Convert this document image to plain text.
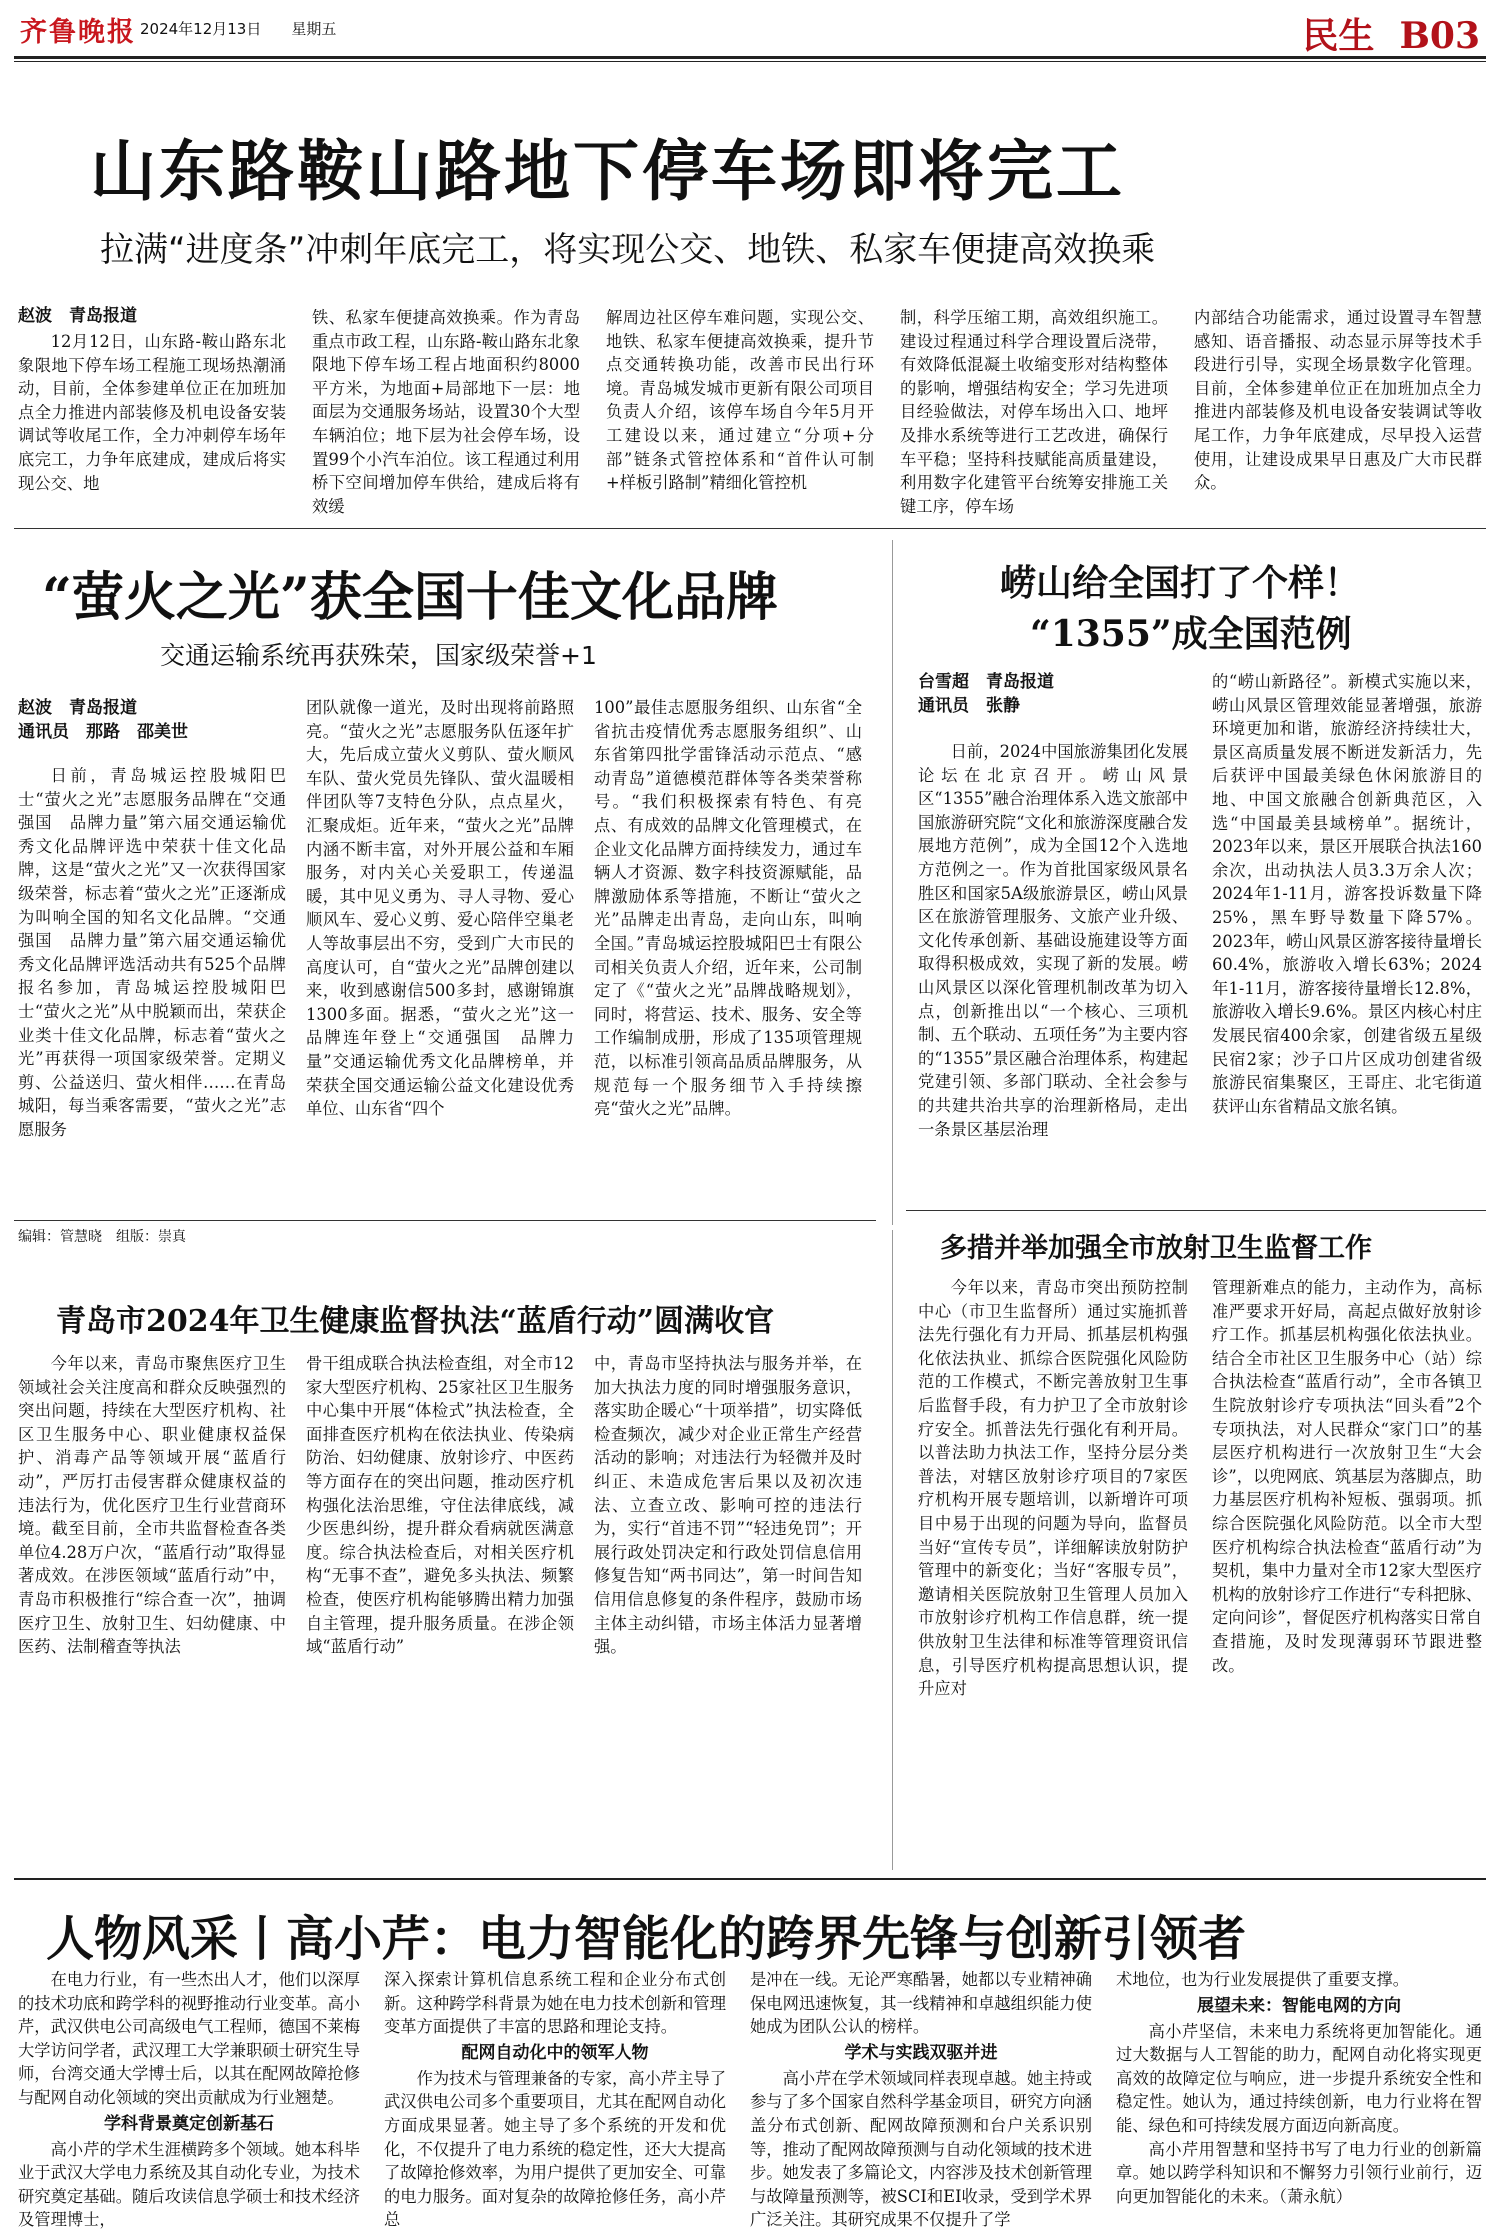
齐鲁晚报 2024年12月13日　　 星期五	民生 B03
山东路鞍山路地下停车场即将完工
拉满“进度条”冲刺年底完工，将实现公交、地铁、私家车便捷高效换乘
赵波　青岛报道

12月12日，山东路-鞍山路东北象限地下停车场工程施工现场热潮涌动，目前，全体参建单位正在加班加点全力推进内部装修及机电设备安装调试等收尾工作，全力冲刺停车场年底完工，力争年底建成，建成后将实现公交、地

铁、私家车便捷高效换乘。作为青岛重点市政工程，山东路-鞍山路东北象限地下停车场工程占地面积约8000平方米，为地面+局部地下一层：地面层为交通服务场站，设置30个大型车辆泊位；地下层为社会停车场，设置99个小汽车泊位。该工程通过利用桥下空间增加停车供给，建成后将有效缓

解周边社区停车难问题，实现公交、地铁、私家车便捷高效换乘，提升节点交通转换功能，改善市民出行环境。青岛城发城市更新有限公司项目负责人介绍，该停车场自今年5月开工建设以来，通过建立“分项+分部”链条式管控体系和“首件认可制+样板引路制”精细化管控机

制，科学压缩工期，高效组织施工。建设过程通过科学合理设置后浇带，有效降低混凝土收缩变形对结构整体的影响，增强结构安全；学习先进项目经验做法，对停车场出入口、地坪及排水系统等进行工艺改进，确保行车平稳；坚持科技赋能高质量建设，利用数字化建管平台统筹安排施工关键工序，停车场

内部结合功能需求，通过设置寻车智慧感知、语音播报、动态显示屏等技术手段进行引导，实现全场景数字化管理。目前，全体参建单位正在加班加点全力推进内部装修及机电设备安装调试等收尾工作，力争年底建成，尽早投入运营使用，让建设成果早日惠及广大市民群众。

“萤火之光”获全国十佳文化品牌
交通运输系统再获殊荣，国家级荣誉+1
赵波　青岛报道
通讯员　那路　邵美世

日前，青岛城运控股城阳巴士“萤火之光”志愿服务品牌在“交通强国　品牌力量”第六届交通运输优秀文化品牌评选中荣获十佳文化品牌，这是“萤火之光”又一次获得国家级荣誉，标志着“萤火之光”正逐渐成为叫响全国的知名文化品牌。“交通强国　品牌力量”第六届交通运输优秀文化品牌评选活动共有525个品牌报名参加，青岛城运控股城阳巴士“萤火之光”从中脱颖而出，荣获企业类十佳文化品牌，标志着“萤火之光”再获得一项国家级荣誉。定期义剪、公益送归、萤火相伴……在青岛城阳，每当乘客需要，“萤火之光”志愿服务

团队就像一道光，及时出现将前路照亮。“萤火之光”志愿服务队伍逐年扩大，先后成立萤火义剪队、萤火顺风车队、萤火党员先锋队、萤火温暖相伴团队等7支特色分队，点点星火，汇聚成炬。近年来，“萤火之光”品牌内涵不断丰富，对外开展公益和车厢服务，对内关心关爱职工，传递温暖，其中见义勇为、寻人寻物、爱心顺风车、爱心义剪、爱心陪伴空巢老人等故事层出不穷，受到广大市民的高度认可，自“萤火之光”品牌创建以来，收到感谢信500多封，感谢锦旗1300多面。据悉，“萤火之光”这一品牌连年登上“交通强国　品牌力量”交通运输优秀文化品牌榜单，并荣获全国交通运输公益文化建设优秀单位、山东省“四个

100”最佳志愿服务组织、山东省“全省抗击疫情优秀志愿服务组织”、山东省第四批学雷锋活动示范点、“感动青岛”道德模范群体等各类荣誉称号。“我们积极探索有特色、有亮点、有成效的品牌文化管理模式，在企业文化品牌方面持续发力，通过车辆人才资源、数字科技资源赋能，品牌激励体系等措施，不断让“萤火之光”品牌走出青岛，走向山东，叫响全国。”青岛城运控股城阳巴士有限公司相关负责人介绍，近年来，公司制定了《“萤火之光”品牌战略规划》，同时，将营运、技术、服务、安全等工作编制成册，形成了135项管理规范，以标准引领高品质品牌服务，从规范每一个服务细节入手持续擦亮“萤火之光”品牌。

编辑：管慧晓　组版：崇真
崂山给全国打了个样！
“1355”成全国范例
台雪超　青岛报道
通讯员　张静

日前，2024中国旅游集团化发展论坛在北京召开。崂山风景区“1355”融合治理体系入选文旅部中国旅游研究院“文化和旅游深度融合发展地方范例”，成为全国12个入选地方范例之一。作为首批国家级风景名胜区和国家5A级旅游景区，崂山风景区在旅游管理服务、文旅产业升级、文化传承创新、基础设施建设等方面取得积极成效，实现了新的发展。崂山风景区以深化管理机制改革为切入点，创新推出以“一个核心、三项机制、五个联动、五项任务”为主要内容的“1355”景区融合治理体系，构建起党建引领、多部门联动、全社会参与的共建共治共享的治理新格局，走出一条景区基层治理

的“崂山新路径”。新模式实施以来，崂山风景区管理效能显著增强，旅游环境更加和谐，旅游经济持续壮大，景区高质量发展不断迸发新活力，先后获评中国最美绿色休闲旅游目的地、中国文旅融合创新典范区，入选“中国最美县域榜单”。据统计，2023年以来，景区开展联合执法160余次，出动执法人员3.3万余人次；2024年1-11月，游客投诉数量下降25%，黑车野导数量下降57%。2023年，崂山风景区游客接待量增长60.4%，旅游收入增长63%；2024年1-11月，游客接待量增长12.8%，旅游收入增长9.6%。景区内核心村庄发展民宿400余家，创建省级五星级民宿2家；沙子口片区成功创建省级旅游民宿集聚区，王哥庄、北宅街道获评山东省精品文旅名镇。

青岛市2024年卫生健康监督执法“蓝盾行动”圆满收官

今年以来，青岛市聚焦医疗卫生领域社会关注度高和群众反映强烈的突出问题，持续在大型医疗机构、社区卫生服务中心、职业健康权益保护、消毒产品等领域开展“蓝盾行动”，严厉打击侵害群众健康权益的违法行为，优化医疗卫生行业营商环境。截至目前，全市共监督检查各类单位4.28万户次，“蓝盾行动”取得显著成效。在涉医领域“蓝盾行动”中，青岛市积极推行“综合查一次”，抽调医疗卫生、放射卫生、妇幼健康、中医药、法制稽查等执法

骨干组成联合执法检查组，对全市12家大型医疗机构、25家社区卫生服务中心集中开展“体检式”执法检查，全面排查医疗机构在依法执业、传染病防治、妇幼健康、放射诊疗、中医药等方面存在的突出问题，推动医疗机构强化法治思维，守住法律底线，减少医患纠纷，提升群众看病就医满意度。综合执法检查后，对相关医疗机构“无事不查”，避免多头执法、频繁检查，使医疗机构能够腾出精力加强自主管理，提升服务质量。在涉企领域“蓝盾行动”

中，青岛市坚持执法与服务并举，在加大执法力度的同时增强服务意识，落实助企暖心“十项举措”，切实降低检查频次，减少对企业正常生产经营活动的影响；对违法行为轻微并及时纠正、未造成危害后果以及初次违法、立查立改、影响可控的违法行为，实行“首违不罚”“轻违免罚”；开展行政处罚决定和行政处罚信息信用修复告知“两书同达”，第一时间告知信用信息修复的条件程序，鼓励市场主体主动纠错，市场主体活力显著增强。

多措并举加强全市放射卫生监督工作

今年以来，青岛市突出预防控制中心（市卫生监督所）通过实施抓普法先行强化有力开局、抓基层机构强化依法执业、抓综合医院强化风险防范的工作模式，不断完善放射卫生事后监督手段，有力护卫了全市放射诊疗安全。抓普法先行强化有利开局。以普法助力执法工作，坚持分层分类普法，对辖区放射诊疗项目的7家医疗机构开展专题培训，以新增许可项目中易于出现的问题为导向，监督员当好“宣传专员”，详细解读放射防护管理中的新变化；当好“客服专员”，邀请相关医院放射卫生管理人员加入市放射诊疗机构工作信息群，统一提供放射卫生法律和标准等管理资讯信息，引导医疗机构提高思想认识，提升应对

管理新难点的能力，主动作为，高标准严要求开好局，高起点做好放射诊疗工作。抓基层机构强化依法执业。结合全市社区卫生服务中心（站）综合执法检查“蓝盾行动”，全市各镇卫生院放射诊疗专项执法“回头看”2个专项执法，对人民群众“家门口”的基层医疗机构进行一次放射卫生“大会诊”，以兜网底、筑基层为落脚点，助力基层医疗机构补短板、强弱项。抓综合医院强化风险防范。以全市大型医疗机构综合执法检查“蓝盾行动”为契机，集中力量对全市12家大型医疗机构的放射诊疗工作进行“专科把脉、定向问诊”，督促医疗机构落实日常自查措施，及时发现薄弱环节跟进整改。

人物风采丨高小芹：电力智能化的跨界先锋与创新引领者

在电力行业，有一些杰出人才，他们以深厚的技术功底和跨学科的视野推动行业变革。高小芹，武汉供电公司高级电气工程师，德国不莱梅大学访问学者，武汉理工大学兼职硕士研究生导师，台湾交通大学博士后，以其在配网故障抢修与配网自动化领域的突出贡献成为行业翘楚。

学科背景奠定创新基石

高小芹的学术生涯横跨多个领域。她本科毕业于武汉大学电力系统及其自动化专业，为技术研究奠定基础。随后攻读信息学硕士和技术经济及管理博士，

深入探索计算机信息系统工程和企业分布式创新。这种跨学科背景为她在电力技术创新和管理变革方面提供了丰富的思路和理论支持。

配网自动化中的领军人物

作为技术与管理兼备的专家，高小芹主导了武汉供电公司多个重要项目，尤其在配网自动化方面成果显著。她主导了多个系统的开发和优化，不仅提升了电力系统的稳定性，还大大提高了故障抢修效率，为用户提供了更加安全、可靠的电力服务。面对复杂的故障抢修任务，高小芹总

是冲在一线。无论严寒酷暑，她都以专业精神确保电网迅速恢复，其一线精神和卓越组织能力使她成为团队公认的榜样。

学术与实践双驱并进

高小芹在学术领域同样表现卓越。她主持或参与了多个国家自然科学基金项目，研究方向涵盖分布式创新、配网故障预测和台户关系识别等，推动了配网故障预测与自动化领域的技术进步。她发表了多篇论文，内容涉及技术创新管理与故障量预测等，被SCI和EI收录，受到学术界广泛关注。其研究成果不仅提升了学

术地位，也为行业发展提供了重要支撑。

展望未来：智能电网的方向

高小芹坚信，未来电力系统将更加智能化。通过大数据与人工智能的助力，配网自动化将实现更高效的故障定位与响应，进一步提升系统安全性和稳定性。她认为，通过持续创新，电力行业将在智能、绿色和可持续发展方面迈向新高度。

高小芹用智慧和坚持书写了电力行业的创新篇章。她以跨学科知识和不懈努力引领行业前行，迈向更加智能化的未来。（萧永航）
